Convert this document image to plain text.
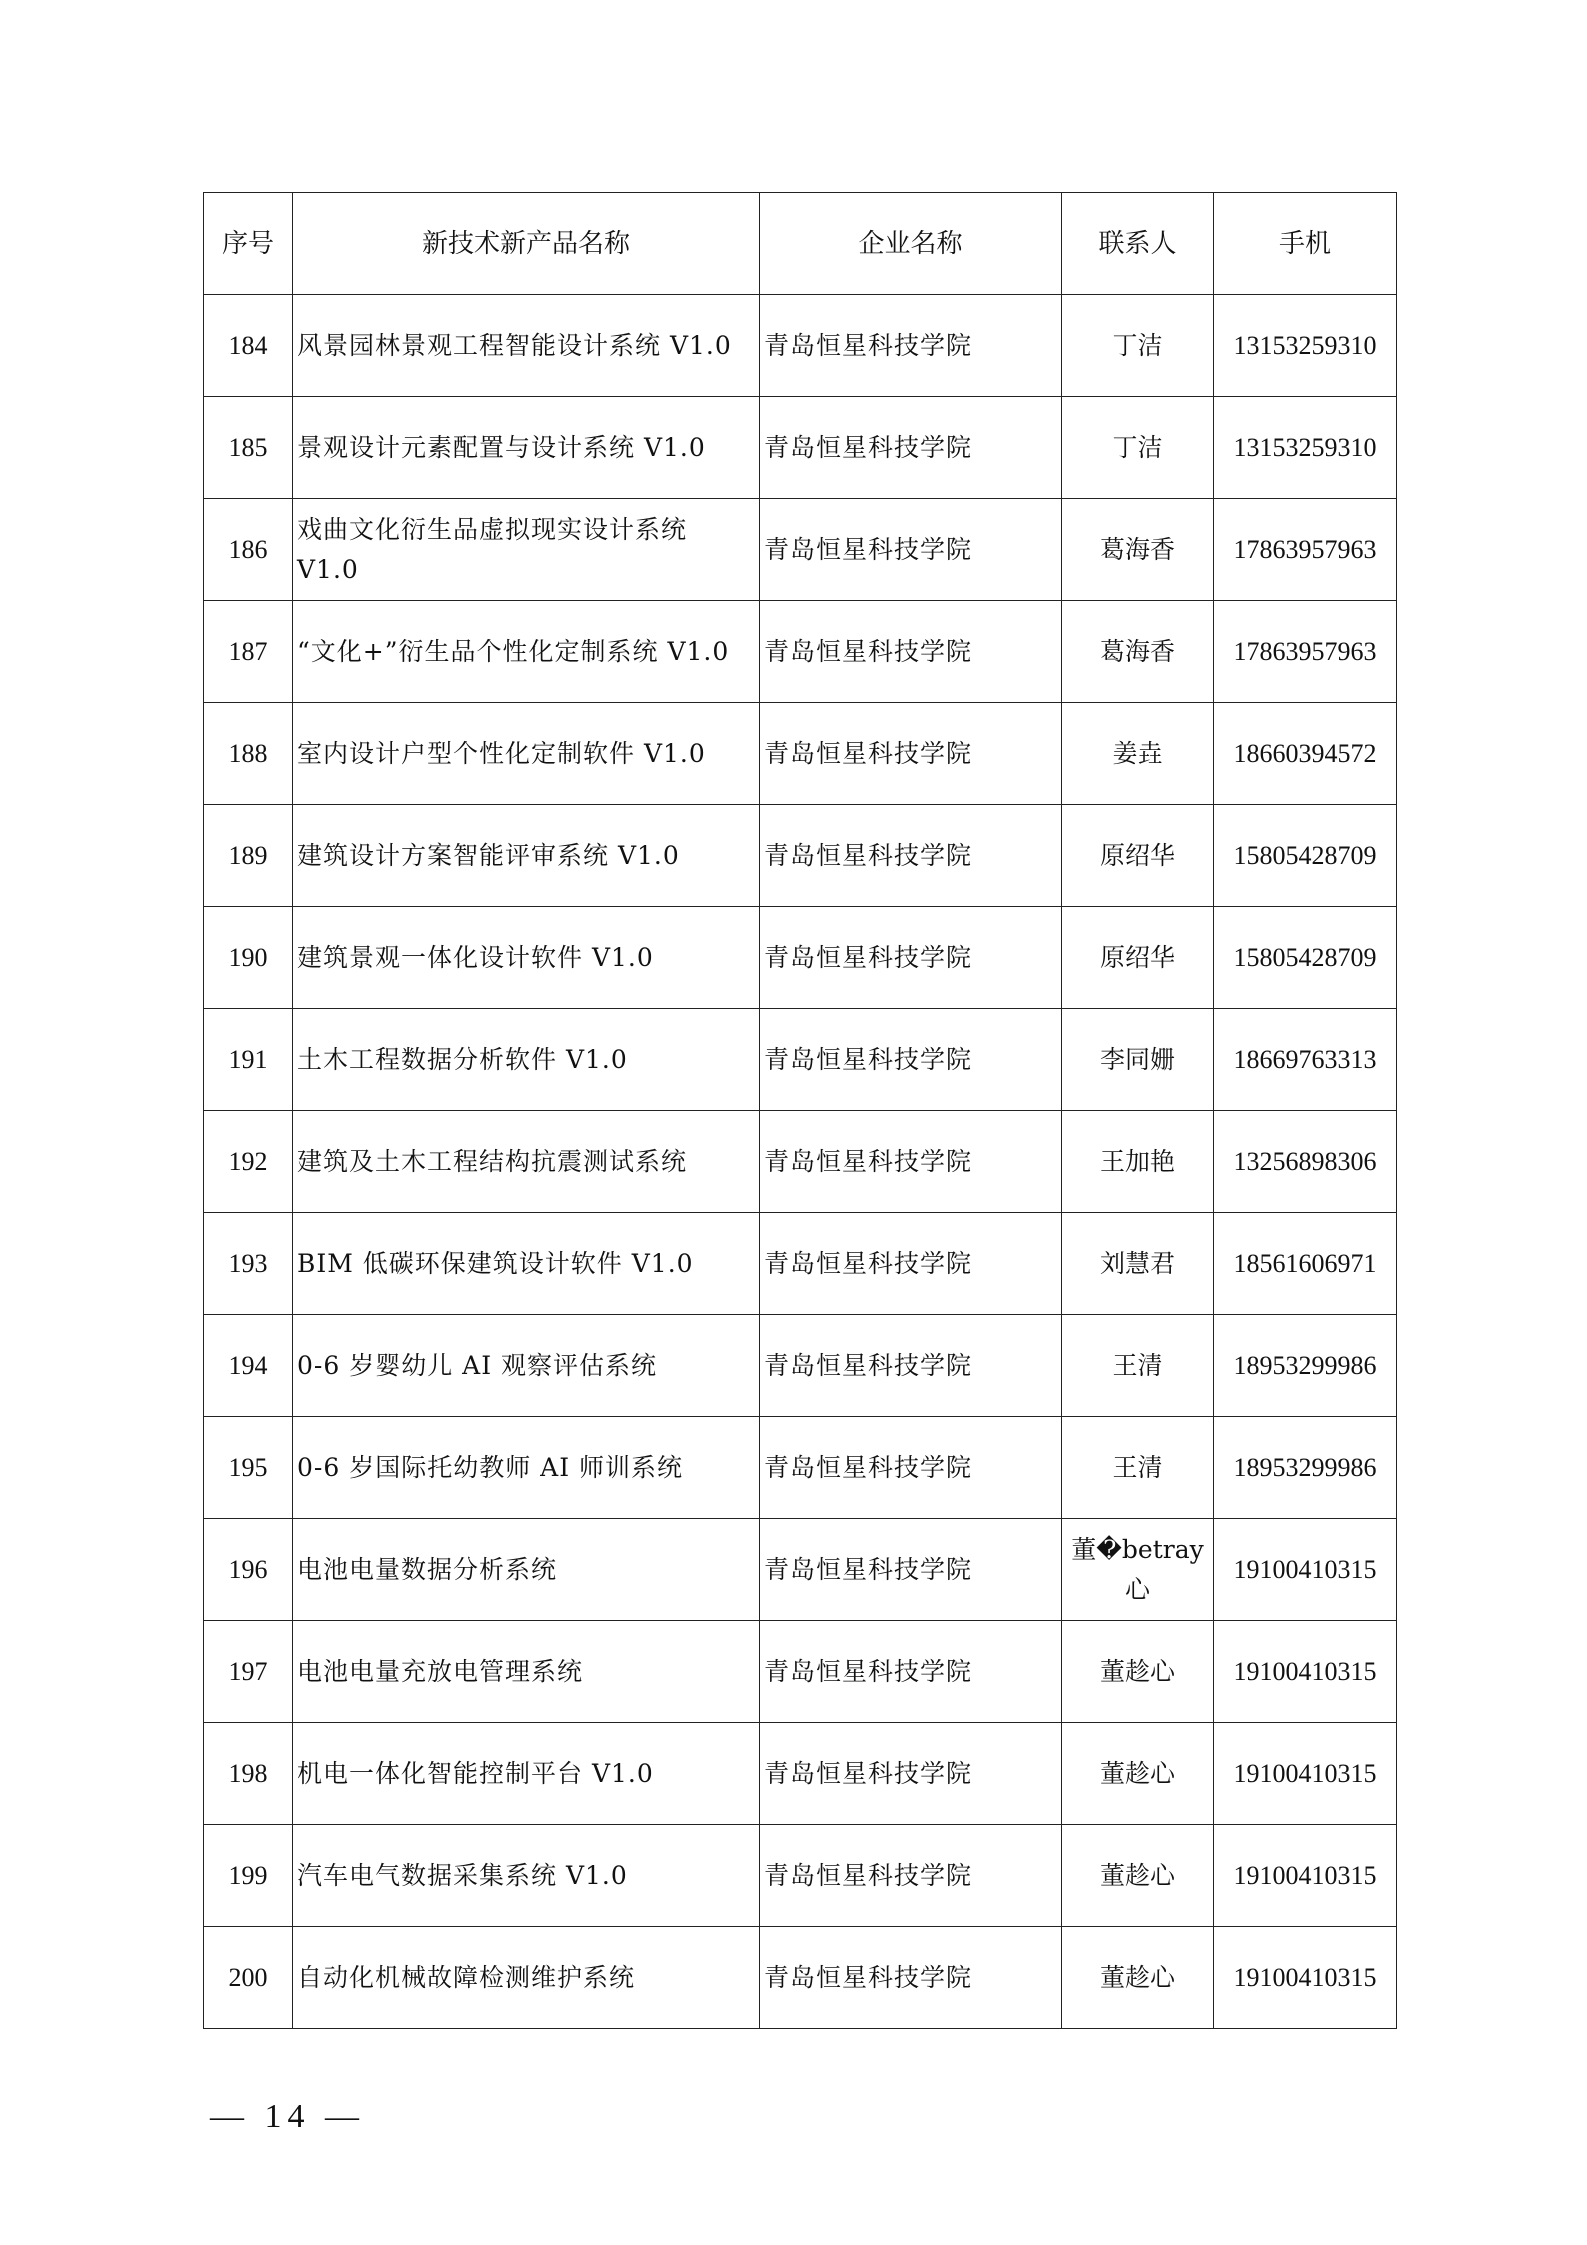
序号	新技术新产品名称	企业名称	联系人	手机
184	风景园林景观工程智能设计系统 V1.0	青岛恒星科技学院	丁洁	13153259310
185	景观设计元素配置与设计系统 V1.0	青岛恒星科技学院	丁洁	13153259310
186	戏曲文化衍生品虚拟现实设计系统 V1.0	青岛恒星科技学院	葛海香	17863957963
187	“文化+”衍生品个性化定制系统 V1.0	青岛恒星科技学院	葛海香	17863957963
188	室内设计户型个性化定制软件 V1.0	青岛恒星科技学院	姜垚	18660394572
189	建筑设计方案智能评审系统 V1.0	青岛恒星科技学院	原绍华	15805428709
190	建筑景观一体化设计软件 V1.0	青岛恒星科技学院	原绍华	15805428709
191	土木工程数据分析软件 V1.0	青岛恒星科技学院	李同姗	18669763313
192	建筑及土木工程结构抗震测试系统	青岛恒星科技学院	王加艳	13256898306
193	BIM 低碳环保建筑设计软件 V1.0	青岛恒星科技学院	刘慧君	18561606971
194	0-6 岁婴幼儿 AI 观察评估系统	青岛恒星科技学院	王清	18953299986
195	0-6 岁国际托幼教师 AI 师训系统	青岛恒星科技学院	王清	18953299986
196	电池电量数据分析系统	青岛恒星科技学院	董�betray心	19100410315
197	电池电量充放电管理系统	青岛恒星科技学院	董趁心	19100410315
198	机电一体化智能控制平台 V1.0	青岛恒星科技学院	董趁心	19100410315
199	汽车电气数据采集系统 V1.0	青岛恒星科技学院	董趁心	19100410315
200	自动化机械故障检测维护系统	青岛恒星科技学院	董趁心	19100410315
— 14 —
